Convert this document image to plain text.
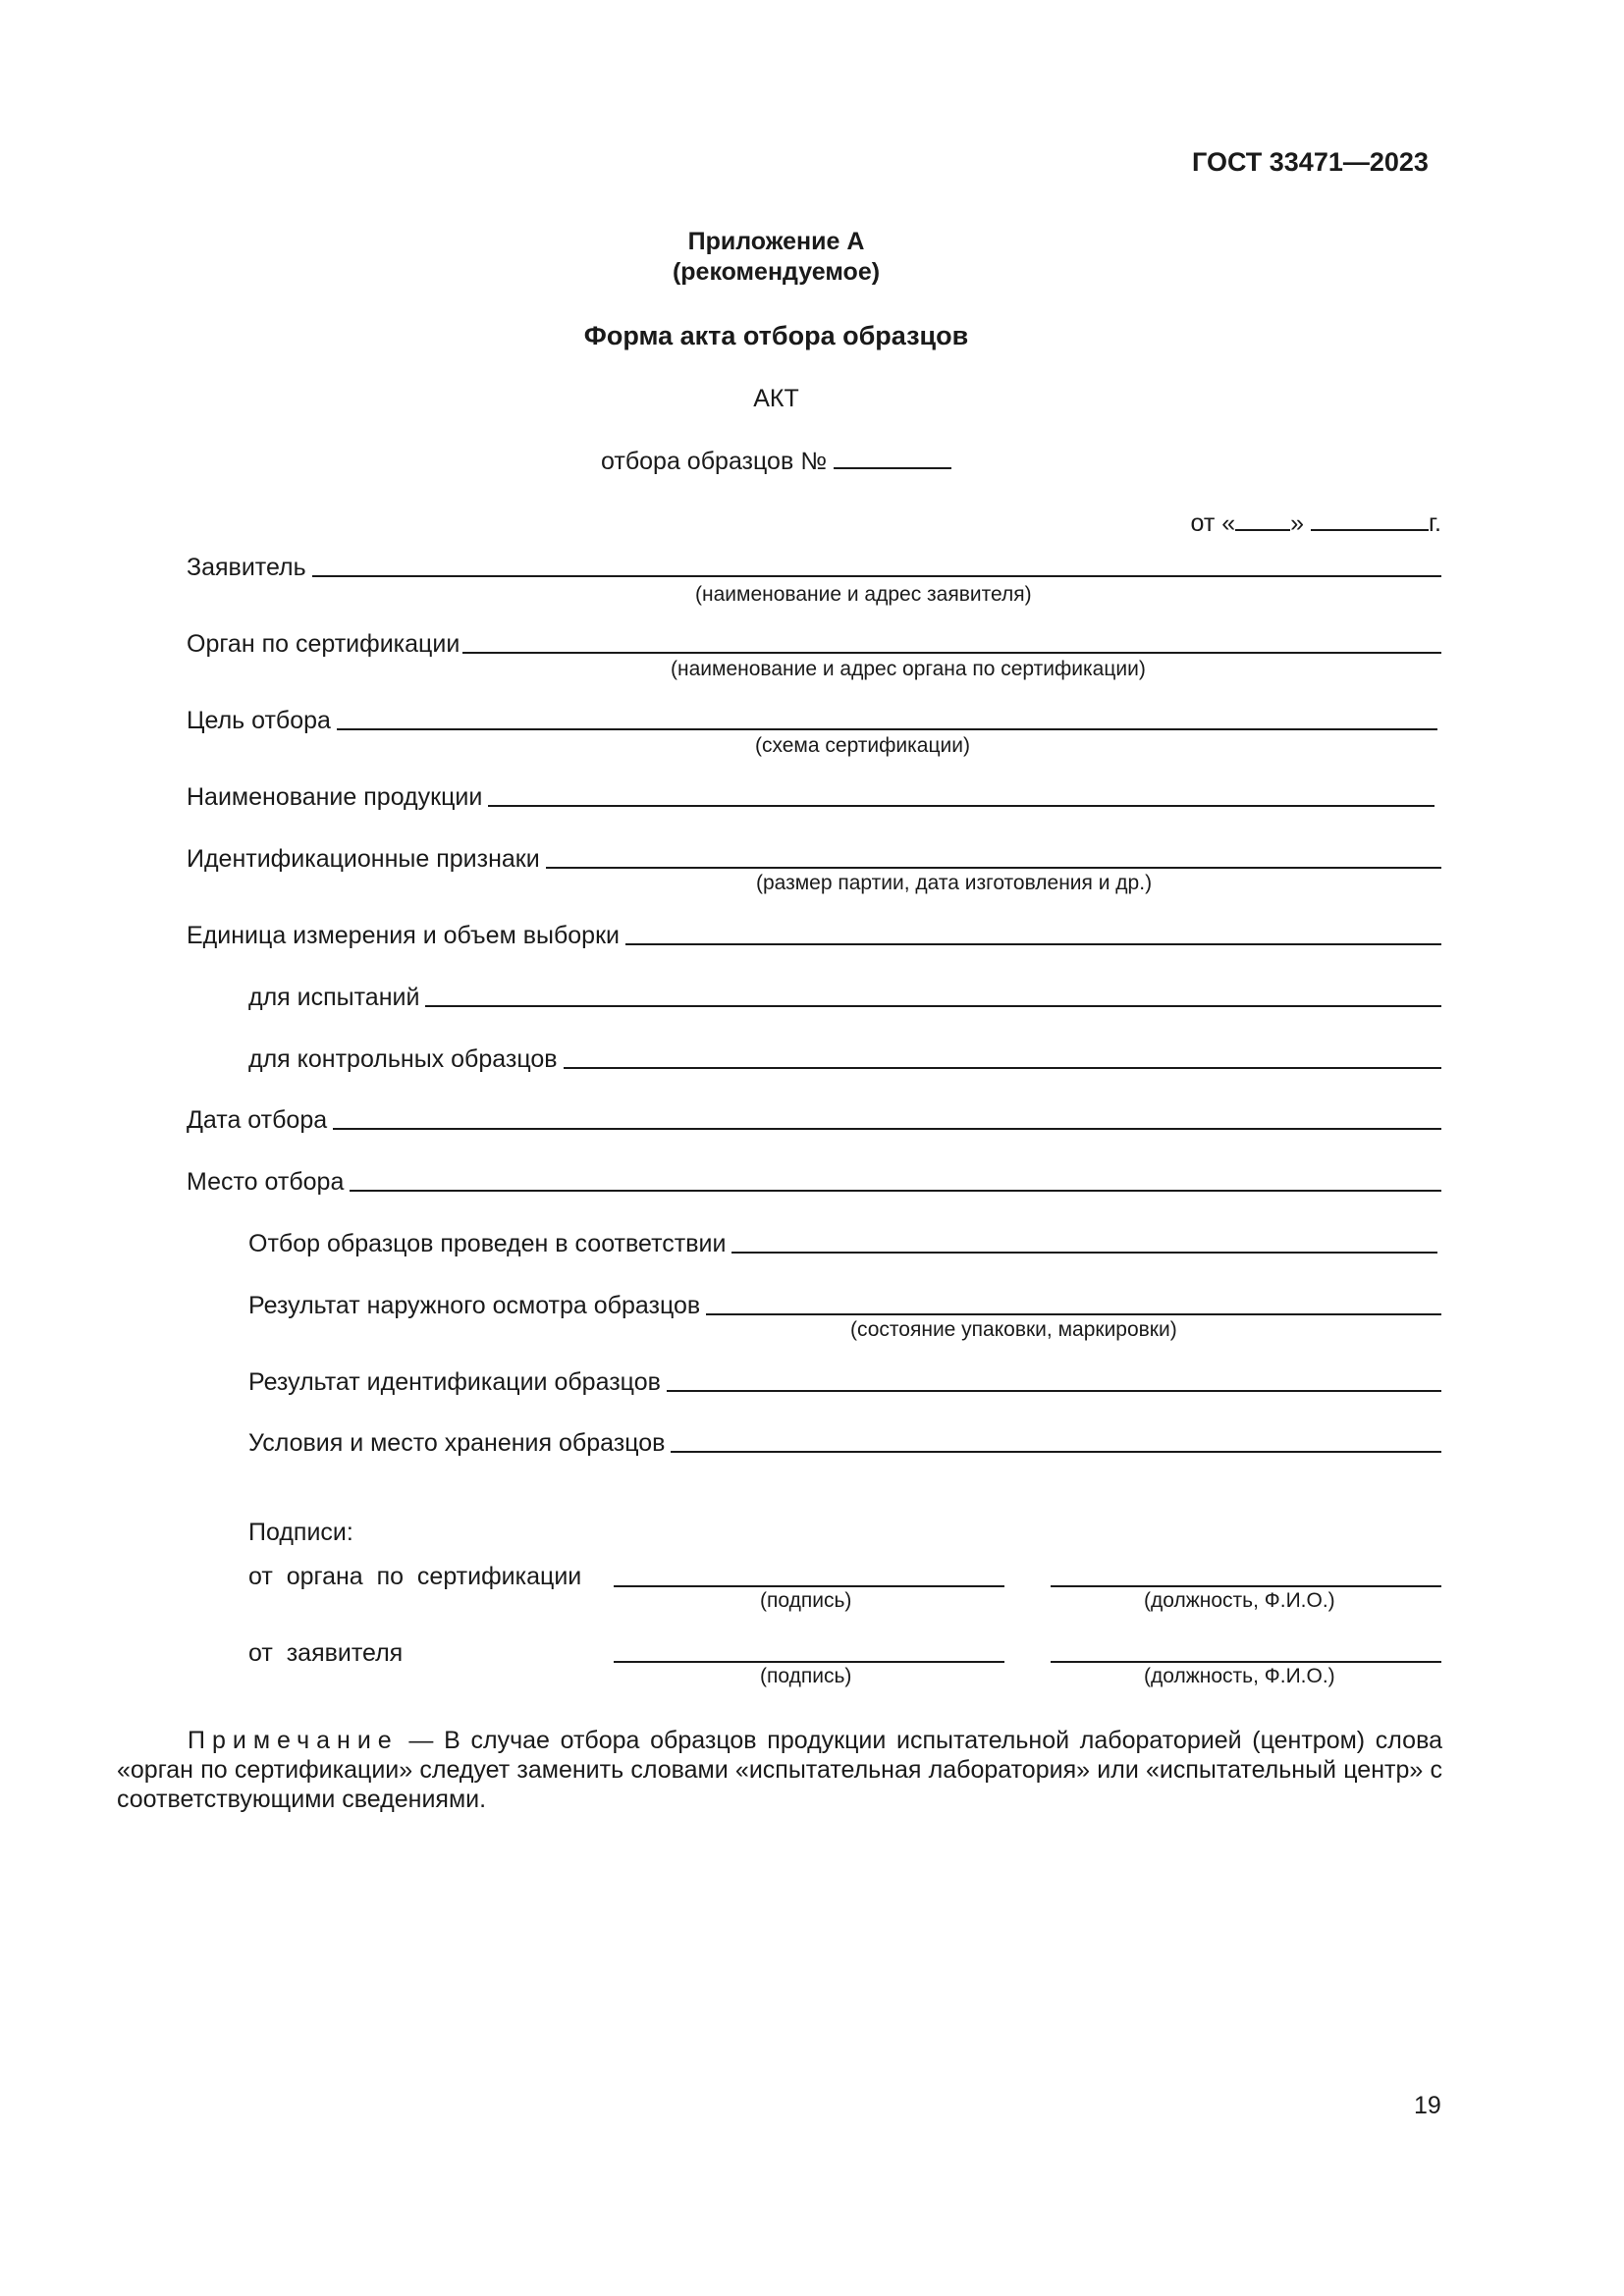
ГОСТ 33471—2023
Приложение А
(рекомендуемое)
Форма акта отбора образцов
АКТ
отбора образцов №
от « »	г.
Заявитель
(наименование и адрес заявителя)
Орган по сертификации
(наименование и адрес органа по сертификации)
Цель отбора
(схема сертификации)
Наименование продукции
Идентификационные признаки
(размер партии, дата изготовления и др.)
Единица измерения и объем выборки
для испытаний
для контрольных образцов
Дата отбора
Место отбора
Отбор образцов проведен в соответствии
Результат наружного осмотра образцов
(состояние упаковки, маркировки)
Результат идентификации образцов
Условия и место хранения образцов
Подписи:
от  органа  по  сертификации
(подпись)	(должность, Ф.И.О.)
от  заявителя
(подпись)	(должность, Ф.И.О.)
Примечание — В случае отбора образцов продукции испытательной лабораторией (центром) слова «орган по сертификации» следует заменить словами «испытательная лаборатория» или «испытательный центр» с соответствующими сведениями.
19
